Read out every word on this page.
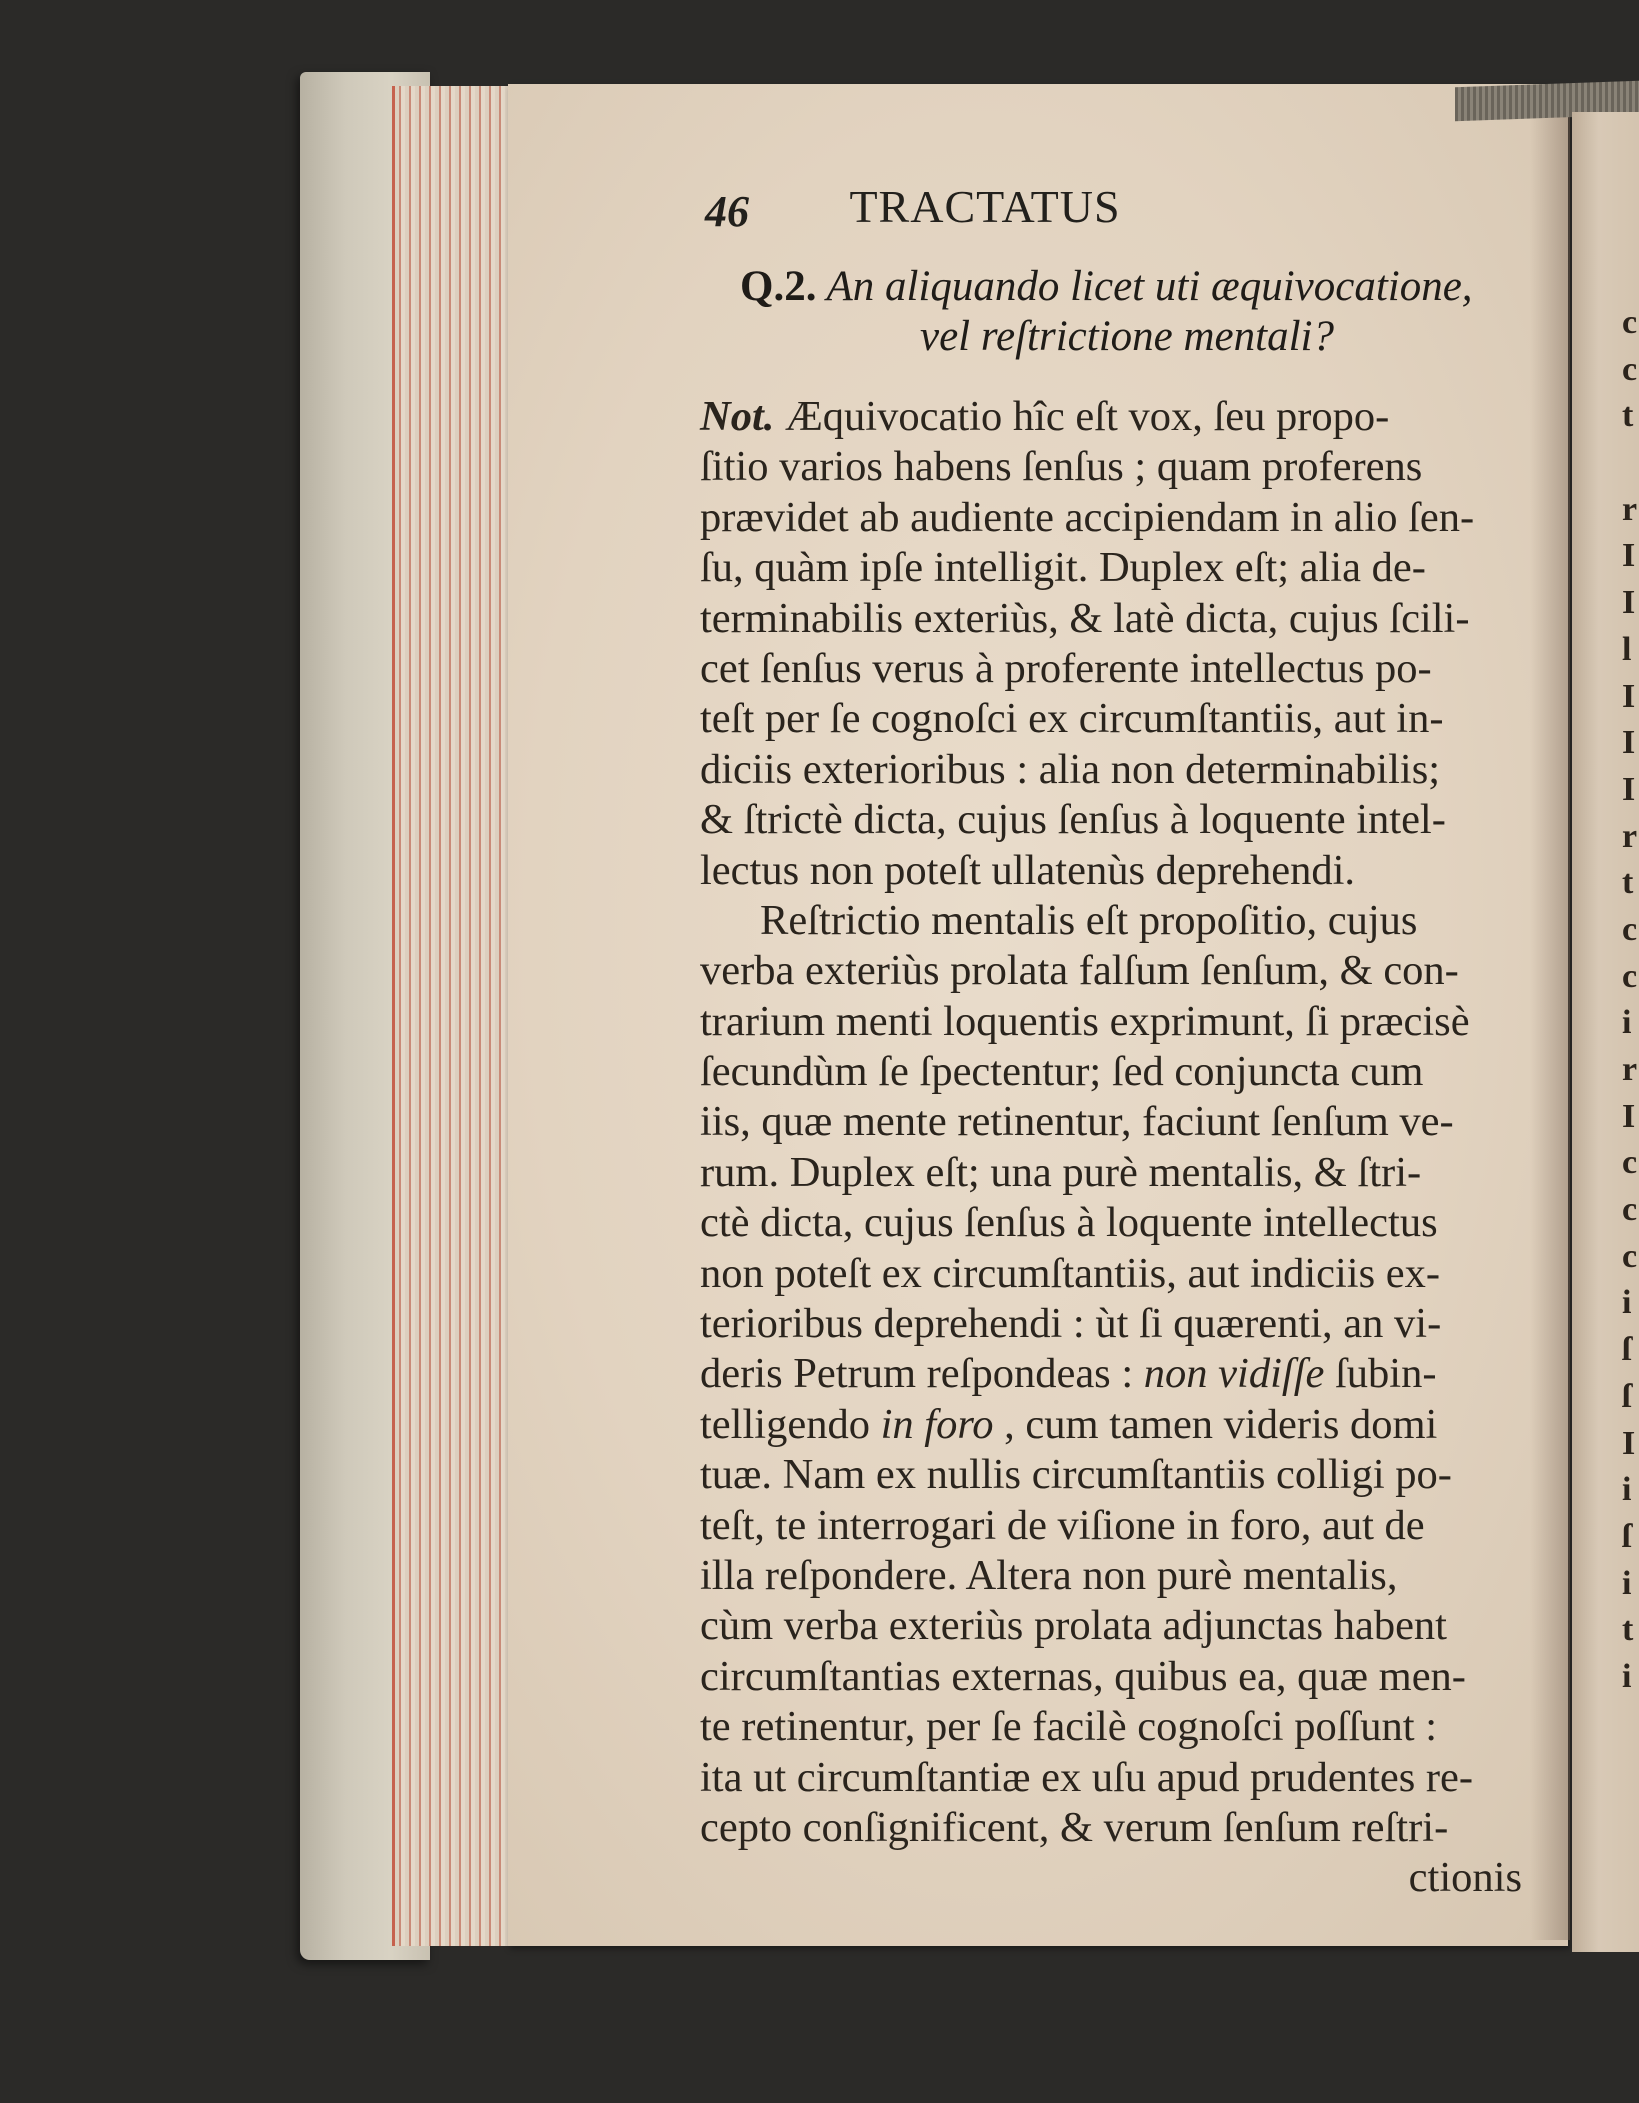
c
c
t
r
I
I
l
I
I
I
r
t
c
c
i
r
I
c
c
c
i
ſ
ſ
I
i
ſ
i
t
i
46 TRACTATUS
Q.2. An aliquando licet uti æquivocatione,
vel reſtrictione mentali?
Not. Æquivocatio hîc eſt vox, ſeu propo-
ſitio varios habens ſenſus ; quam proferens
prævidet ab audiente accipiendam in alio ſen-
ſu, quàm ipſe intelligit. Duplex eſt; alia de-
terminabilis exteriùs, & latè dicta, cujus ſcili-
cet ſenſus verus à proferente intellectus po-
teſt per ſe cognoſci ex circumſtantiis, aut in-
diciis exterioribus : alia non determinabilis;
& ſtrictè dicta, cujus ſenſus à loquente intel-
lectus non poteſt ullatenùs deprehendi.
Reſtrictio mentalis eſt propoſitio, cujus
verba exteriùs prolata falſum ſenſum, & con-
trarium menti loquentis exprimunt, ſi præcisè
ſecundùm ſe ſpectentur; ſed conjuncta cum
iis, quæ mente retinentur, faciunt ſenſum ve-
rum. Duplex eſt; una purè mentalis, & ſtri-
ctè dicta, cujus ſenſus à loquente intellectus
non poteſt ex circumſtantiis, aut indiciis ex-
terioribus deprehendi : ùt ſi quærenti, an vi-
deris Petrum reſpondeas : non vidiſſe ſubin-
telligendo in foro , cum tamen videris domi
tuæ. Nam ex nullis circumſtantiis colligi po-
teſt, te interrogari de viſione in foro, aut de
illa reſpondere. Altera non purè mentalis,
cùm verba exteriùs prolata adjunctas habent
circumſtantias externas, quibus ea, quæ men-
te retinentur, per ſe facilè cognoſci poſſunt :
ita ut circumſtantiæ ex uſu apud prudentes re-
cepto conſignificent, & verum ſenſum reſtri-
ctionis
